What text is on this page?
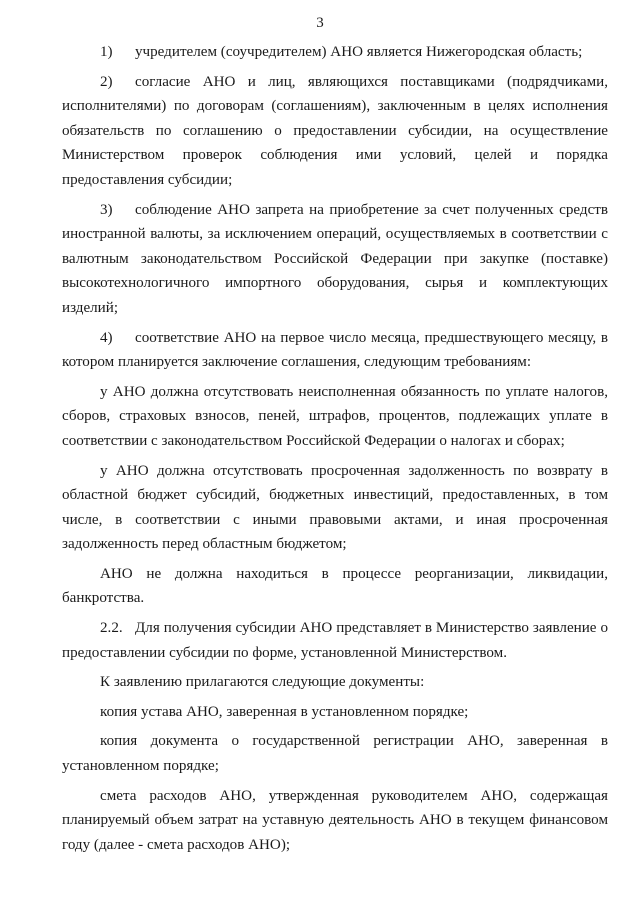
3

1) учредителем (соучредителем) АНО является Нижегородская область;

2) согласие АНО и лиц, являющихся поставщиками (подрядчиками, исполнителями) по договорам (соглашениям), заключенным в целях исполнения обязательств по соглашению о предоставлении субсидии, на осуществление Министерством проверок соблюдения ими условий, целей и порядка предоставления субсидии;

3) соблюдение АНО запрета на приобретение за счет полученных средств иностранной валюты, за исключением операций, осуществляемых в соответствии с валютным законодательством Российской Федерации при закупке (поставке) высокотехнологичного импортного оборудования, сырья и комплектующих изделий;

4) соответствие АНО на первое число месяца, предшествующего месяцу, в котором планируется заключение соглашения, следующим требованиям:

у АНО должна отсутствовать неисполненная обязанность по уплате налогов, сборов, страховых взносов, пеней, штрафов, процентов, подлежащих уплате в соответствии с законодательством Российской Федерации о налогах и сборах;

у АНО должна отсутствовать просроченная задолженность по возврату в областной бюджет субсидий, бюджетных инвестиций, предоставленных, в том числе, в соответствии с иными правовыми актами, и иная просроченная задолженность перед областным бюджетом;

АНО не должна находиться в процессе реорганизации, ликвидации, банкротства.

2.2. Для получения субсидии АНО представляет в Министерство заявление о предоставлении субсидии по форме, установленной Министерством.

К заявлению прилагаются следующие документы:

копия устава АНО, заверенная в установленном порядке;

копия документа о государственной регистрации АНО, заверенная в установленном порядке;

смета расходов АНО, утвержденная руководителем АНО, содержащая планируемый объем затрат на уставную деятельность АНО в текущем финансовом году (далее - смета расходов АНО);
